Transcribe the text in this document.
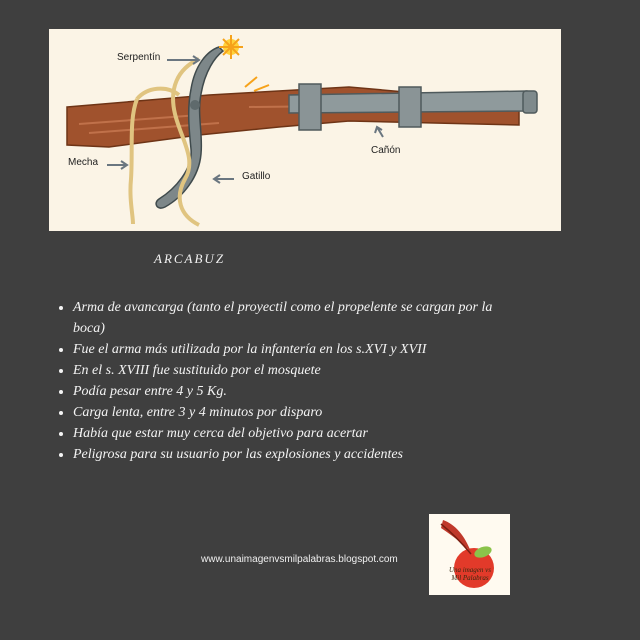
Serpentín
Mecha
Gatillo
Cañón
ARCABUZ
• Arma de avancarga (tanto el proyectil como el propelente se cargan por la boca)
• Fue el arma más utilizada por la infantería en los s.XVI y XVII
• En el s. XVIII fue sustituido por el mosquete
• Podía pesar entre 4 y 5 Kg.
• Carga lenta, entre 3 y 4 minutos por disparo
• Había que estar muy cerca del objetivo para acertar
• Peligrosa para su usuario por las explosiones y accidentes
www.unaimagenvsmilpalabras.blogspot.com
Una imagen vs
Mil Palabras
